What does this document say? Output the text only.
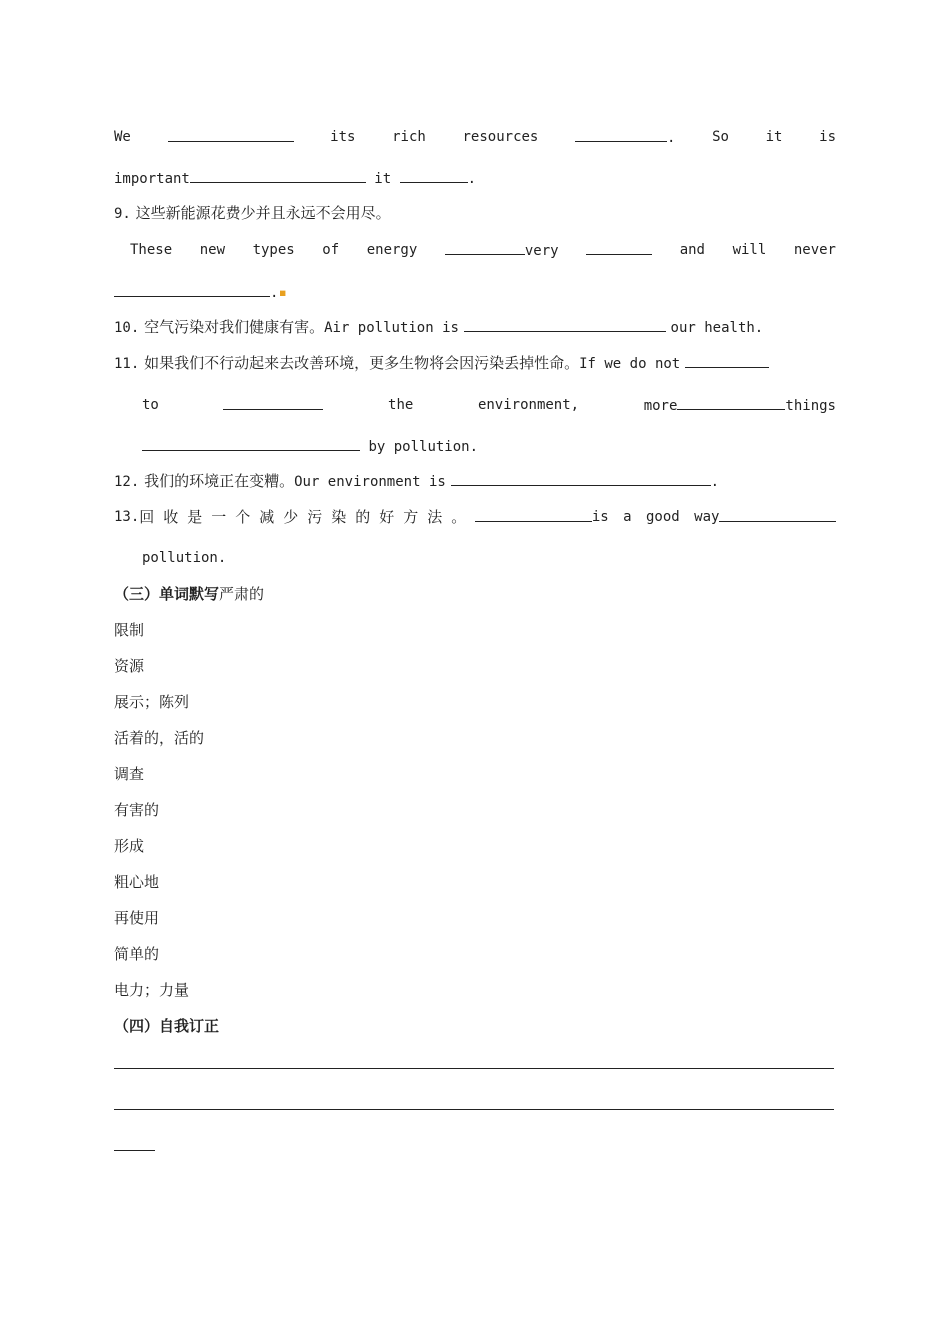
We	its	rich	resources	.	So	it	is
important	it	.
9. 这些新能源花费少并且永远不会用尽。
These new types of energy	very	and will never
.▪
10. 空气污染对我们健康有害。Air pollution is	our health.
11. 如果我们不行动起来去改善环境，更多生物将会因污染丢掉性命。If we do not
to	the	environment,	more	things
by pollution.
12. 我们的环境正在变糟。Our environment is	.
13. 回收是一个减少污染的好方法。	is a good way
pollution.
（三）单词默写严肃的
限制
资源
展示；陈列
活着的，活的
调查
有害的
形成
粗心地
再使用
简单的
电力；力量
（四）自我订正
